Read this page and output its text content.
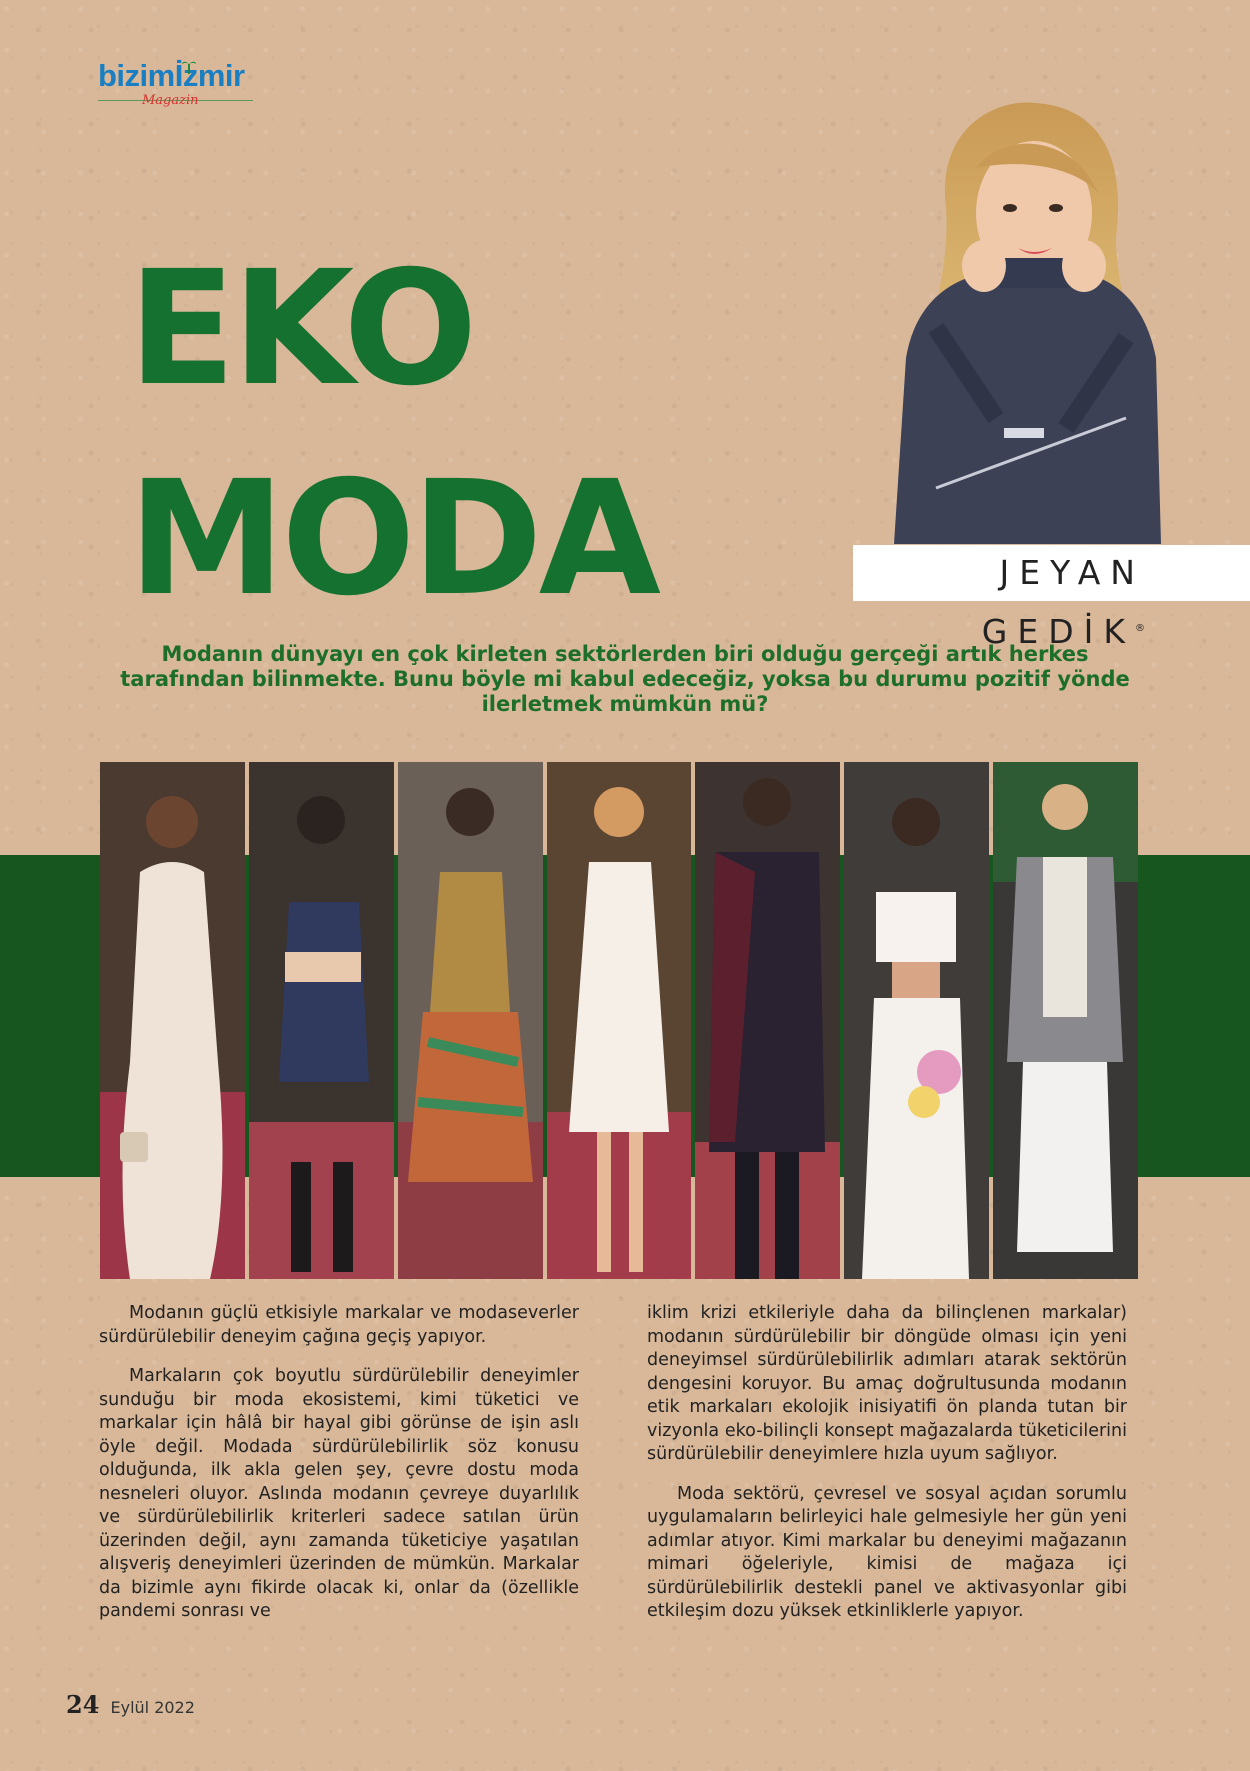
bizimİzmir
Magazin
EKO
MODA	JEYAN GEDİK®
Modanın dünyayı en çok kirleten sektörlerden biri olduğu gerçeği artık herkes tarafından bilinmekte. Bunu böyle mi kabul edeceğiz, yoksa bu durumu pozitif yönde ilerletmek mümkün mü?

Modanın güçlü etkisiyle markalar ve modaseverler sürdürülebilir deneyim çağına geçiş yapıyor.

Markaların çok boyutlu sürdürülebilir deneyimler sunduğu bir moda ekosistemi, kimi tüketici ve markalar için hâlâ bir hayal gibi görünse de işin aslı öyle değil. Modada sürdürülebilirlik söz konusu olduğunda, ilk akla gelen şey, çevre dostu moda nesneleri oluyor. Aslında modanın çevreye duyarlılık ve sürdürülebilirlik kriterleri sadece satılan ürün üzerinden değil, aynı zamanda tüketiciye yaşatılan alışveriş deneyimleri üzerinden de mümkün. Markalar da bizimle aynı fikirde olacak ki, onlar da (özellikle pandemi sonrası ve

iklim krizi etkileriyle daha da bilinçlenen markalar) modanın sürdürülebilir bir döngüde olması için yeni deneyimsel sürdürülebilirlik adımları atarak sektörün dengesini koruyor. Bu amaç doğrultusunda modanın etik markaları ekolojik inisiyatifi ön planda tutan bir vizyonla eko-bilinçli konsept mağazalarda tüketicilerini sürdürülebilir deneyimlere hızla uyum sağlıyor.

Moda sektörü, çevresel ve sosyal açıdan sorumlu uygulamaların belirleyici hale gelmesiyle her gün yeni adımlar atıyor. Kimi markalar bu deneyimi mağazanın mimari öğeleriyle, kimisi de mağaza içi sürdürülebilirlik destekli panel ve aktivasyonlar gibi etkileşim dozu yüksek etkinliklerle yapıyor.

24 Eylül 2022
